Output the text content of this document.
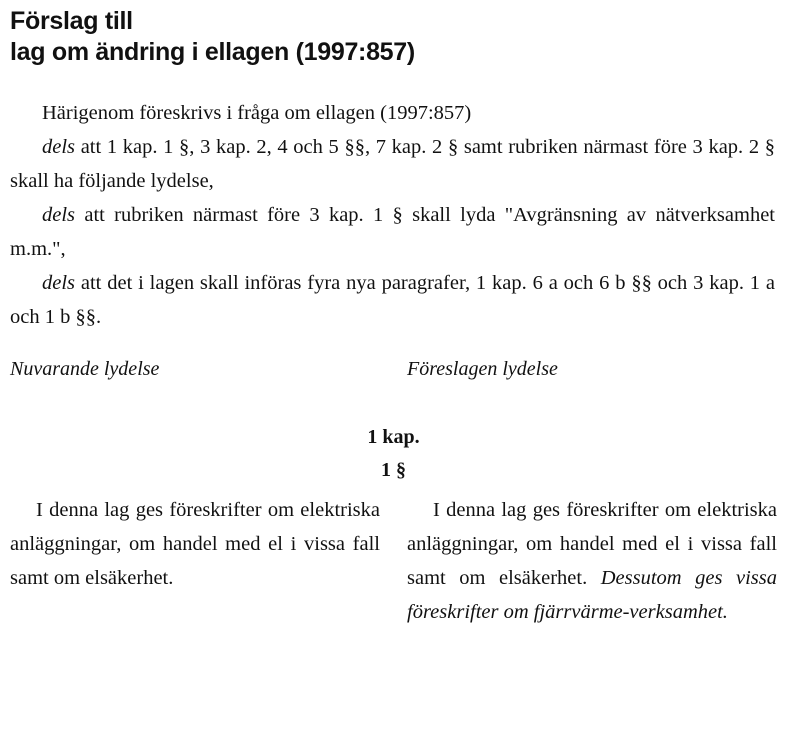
Förslag till
lag om ändring i ellagen (1997:857)

Härigenom föreskrivs i fråga om ellagen (1997:857)

dels att 1 kap. 1 §, 3 kap. 2, 4 och 5 §§, 7 kap. 2 § samt rubriken närmast före 3 kap. 2 § skall ha följande lydelse,

dels att rubriken närmast före 3 kap. 1 § skall lyda "Avgränsning av nätverksamhet m.m.",

dels att det i lagen skall införas fyra nya paragrafer, 1 kap. 6 a och 6 b §§ och 3 kap. 1 a och 1 b §§.

Nuvarande lydelse	Föreslagen lydelse
1 kap.
1 §
I denna lag ges föreskrifter om elektriska anläggningar, om handel med el i vissa fall samt om elsäkerhet.
I denna lag ges föreskrifter om elektriska anläggningar, om handel med el i vissa fall samt om elsäkerhet. Dessutom ges vissa föreskrifter om fjärrvärme-verksamhet.
